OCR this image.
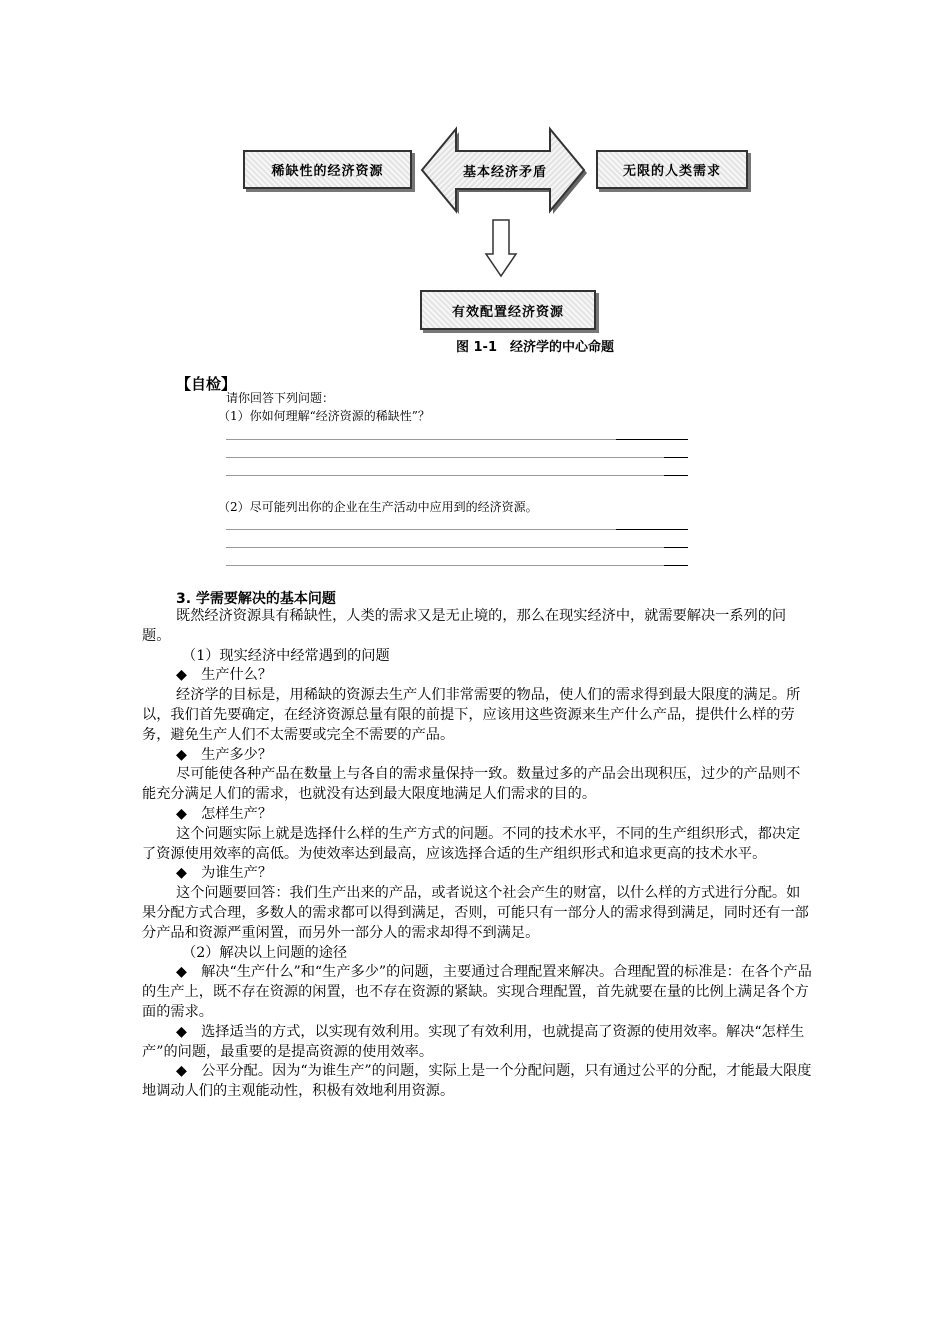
稀缺性的经济资源	基本经济矛盾	无限的人类需求
有效配置经济资源
图 1-1　经济学的中心命题
【自检】
请你回答下列问题：
（1）你如何理解“经济资源的稀缺性”？
（2）尽可能列出你的企业在生产活动中应用到的经济资源。
3. 学需要解决的基本问题

既然经济资源具有稀缺性，人类的需求又是无止境的，那么在现实经济中，就需要解决一系列的问题。

（1）现实经济中经常遇到的问题

◆　生产什么？

经济学的目标是，用稀缺的资源去生产人们非常需要的物品，使人们的需求得到最大限度的满足。所以，我们首先要确定，在经济资源总量有限的前提下，应该用这些资源来生产什么产品，提供什么样的劳务，避免生产人们不太需要或完全不需要的产品。

◆　生产多少？

尽可能使各种产品在数量上与各自的需求量保持一致。数量过多的产品会出现积压，过少的产品则不能充分满足人们的需求，也就没有达到最大限度地满足人们需求的目的。

◆　怎样生产？

这个问题实际上就是选择什么样的生产方式的问题。不同的技术水平，不同的生产组织形式，都决定了资源使用效率的高低。为使效率达到最高，应该选择合适的生产组织形式和追求更高的技术水平。

◆　为谁生产？

这个问题要回答：我们生产出来的产品，或者说这个社会产生的财富，以什么样的方式进行分配。如果分配方式合理，多数人的需求都可以得到满足，否则，可能只有一部分人的需求得到满足，同时还有一部分产品和资源严重闲置，而另外一部分人的需求却得不到满足。

（2）解决以上问题的途径

◆　解决“生产什么”和“生产多少”的问题，主要通过合理配置来解决。合理配置的标准是：在各个产品的生产上，既不存在资源的闲置，也不存在资源的紧缺。实现合理配置，首先就要在量的比例上满足各个方面的需求。

◆　选择适当的方式，以实现有效利用。实现了有效利用，也就提高了资源的使用效率。解决“怎样生产”的问题，最重要的是提高资源的使用效率。

◆　公平分配。因为“为谁生产”的问题，实际上是一个分配问题，只有通过公平的分配，才能最大限度地调动人们的主观能动性，积极有效地利用资源。
